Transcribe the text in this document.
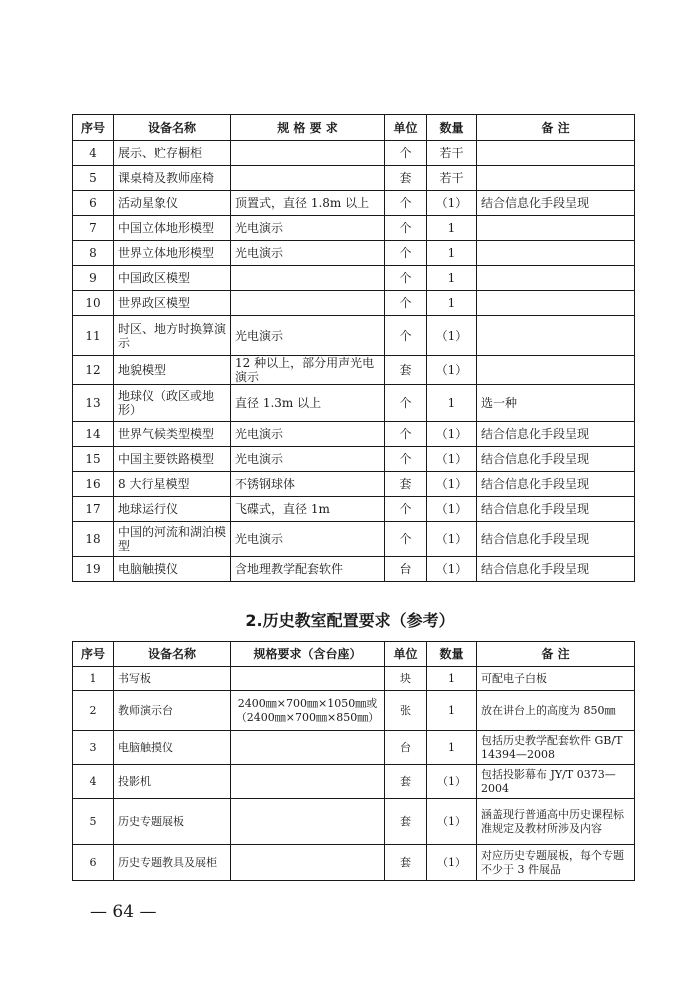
序号	设备名称	规 格 要 求	单位	数量	备 注
4	展示、贮存橱柜		个	若干	
5	课桌椅及教师座椅		套	若干	
6	活动星象仪	顶置式，直径 1.8m 以上	个	（1）	结合信息化手段呈现
7	中国立体地形模型	光电演示	个	1	
8	世界立体地形模型	光电演示	个	1	
9	中国政区模型		个	1	
10	世界政区模型		个	1	
11	时区、地方时换算演示	光电演示	个	（1）	
12	地貌模型	12 种以上，部分用声光电演示	套	（1）	
13	地球仪（政区或地形）	直径 1.3m 以上	个	1	选一种
14	世界气候类型模型	光电演示	个	（1）	结合信息化手段呈现
15	中国主要铁路模型	光电演示	个	（1）	结合信息化手段呈现
16	8 大行星模型	不锈钢球体	套	（1）	结合信息化手段呈现
17	地球运行仪	飞碟式，直径 1m	个	（1）	结合信息化手段呈现
18	中国的河流和湖泊模型	光电演示	个	（1）	结合信息化手段呈现
19	电脑触摸仪	含地理教学配套软件	台	（1）	结合信息化手段呈现
2.历史教室配置要求（参考）
序号	设备名称	规格要求（含台座）	单位	数量	备 注
1	书写板		块	1	可配电子白板
2	教师演示台	2400㎜×700㎜×1050㎜或（2400㎜×700㎜×850㎜）	张	1	放在讲台上的高度为 850㎜
3	电脑触摸仪		台	1	包括历史教学配套软件 GB/T 14394—2008
4	投影机		套	（1）	包括投影幕布 JY/T 0373—2004
5	历史专题展板		套	（1）	涵盖现行普通高中历史课程标准规定及教材所涉及内容
6	历史专题教具及展柜		套	（1）	对应历史专题展板，每个专题不少于 3 件展品
— 64 —
